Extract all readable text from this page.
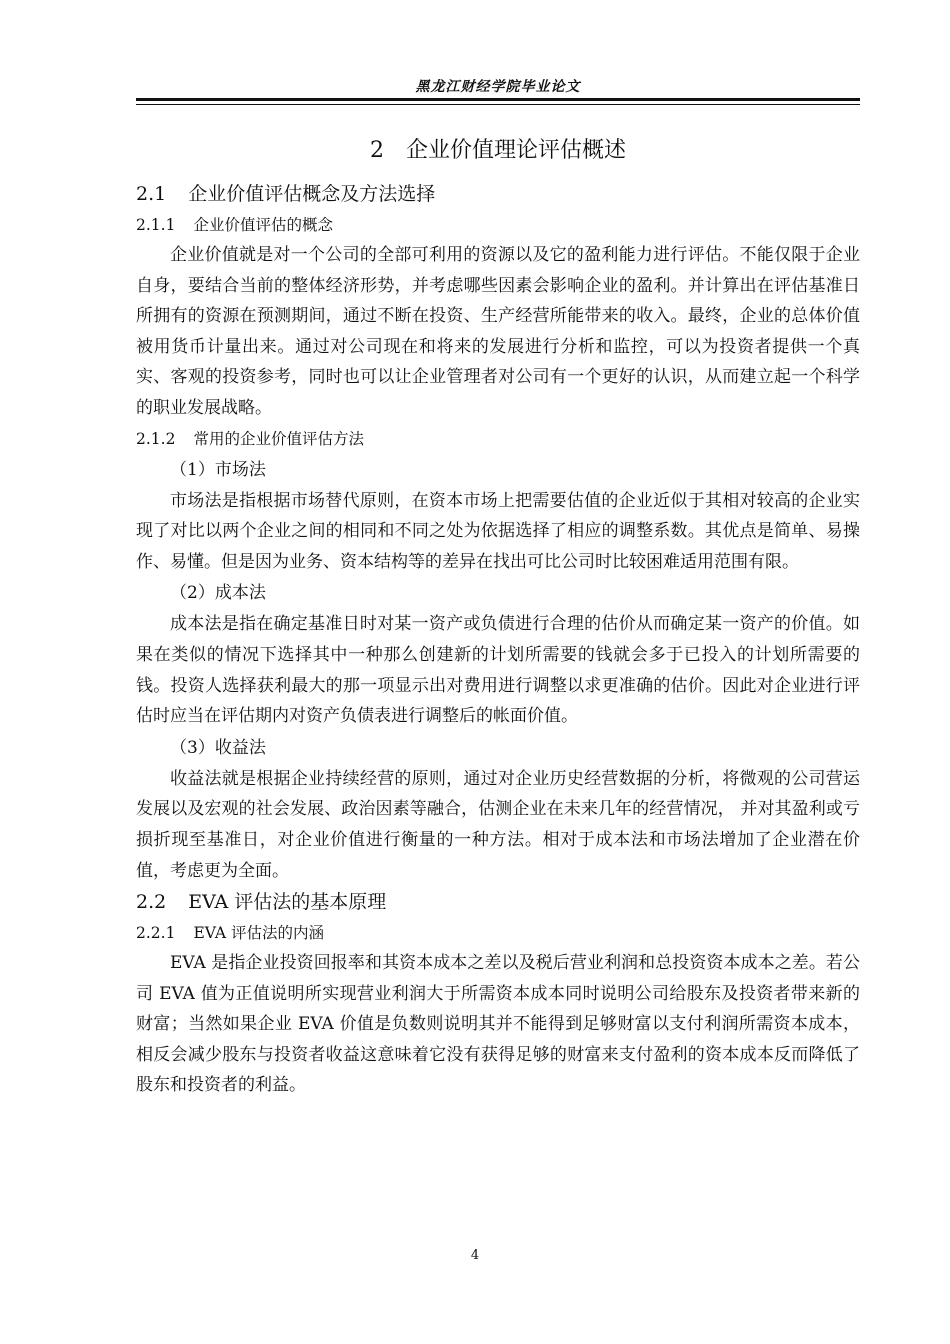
黑龙江财经学院毕业论文
2 企业价值理论评估概述
2.1 企业价值评估概念及方法选择
2.1.1 企业价值评估的概念

企业价值就是对一个公司的全部可利用的资源以及它的盈利能力进行评估。不能仅限于企业自身，要结合当前的整体经济形势，并考虑哪些因素会影响企业的盈利。并计算出在评估基准日所拥有的资源在预测期间，通过不断在投资、生产经营所能带来的收入。最终，企业的总体价值被用货币计量出来。通过对公司现在和将来的发展进行分析和监控，可以为投资者提供一个真实、客观的投资参考，同时也可以让企业管理者对公司有一个更好的认识，从而建立起一个科学的职业发展战略。

2.1.2 常用的企业价值评估方法

（1）市场法

市场法是指根据市场替代原则，在资本市场上把需要估值的企业近似于其相对较高的企业实现了对比以两个企业之间的相同和不同之处为依据选择了相应的调整系数。其优点是简单、易操作、易懂。但是因为业务、资本结构等的差异在找出可比公司时比较困难适用范围有限。

（2）成本法

成本法是指在确定基准日时对某一资产或负债进行合理的估价从而确定某一资产的价值。如果在类似的情况下选择其中一种那么创建新的计划所需要的钱就会多于已投入的计划所需要的钱。投资人选择获利最大的那一项显示出对费用进行调整以求更准确的估价。因此对企业进行评估时应当在评估期内对资产负债表进行调整后的帐面价值。

（3）收益法

收益法就是根据企业持续经营的原则，通过对企业历史经营数据的分析，将微观的公司营运发展以及宏观的社会发展、政治因素等融合，估测企业在未来几年的经营情况， 并对其盈利或亏损折现至基准日，对企业价值进行衡量的一种方法。相对于成本法和市场法增加了企业潜在价值，考虑更为全面。

2.2 EVA 评估法的基本原理
2.2.1 EVA 评估法的内涵

EVA 是指企业投资回报率和其资本成本之差以及税后营业利润和总投资资本成本之差。若公司 EVA 值为正值说明所实现营业利润大于所需资本成本同时说明公司给股东及投资者带来新的财富；当然如果企业 EVA 价值是负数则说明其并不能得到足够财富以支付利润所需资本成本，相反会减少股东与投资者收益这意味着它没有获得足够的财富来支付盈利的资本成本反而降低了股东和投资者的利益。

4
